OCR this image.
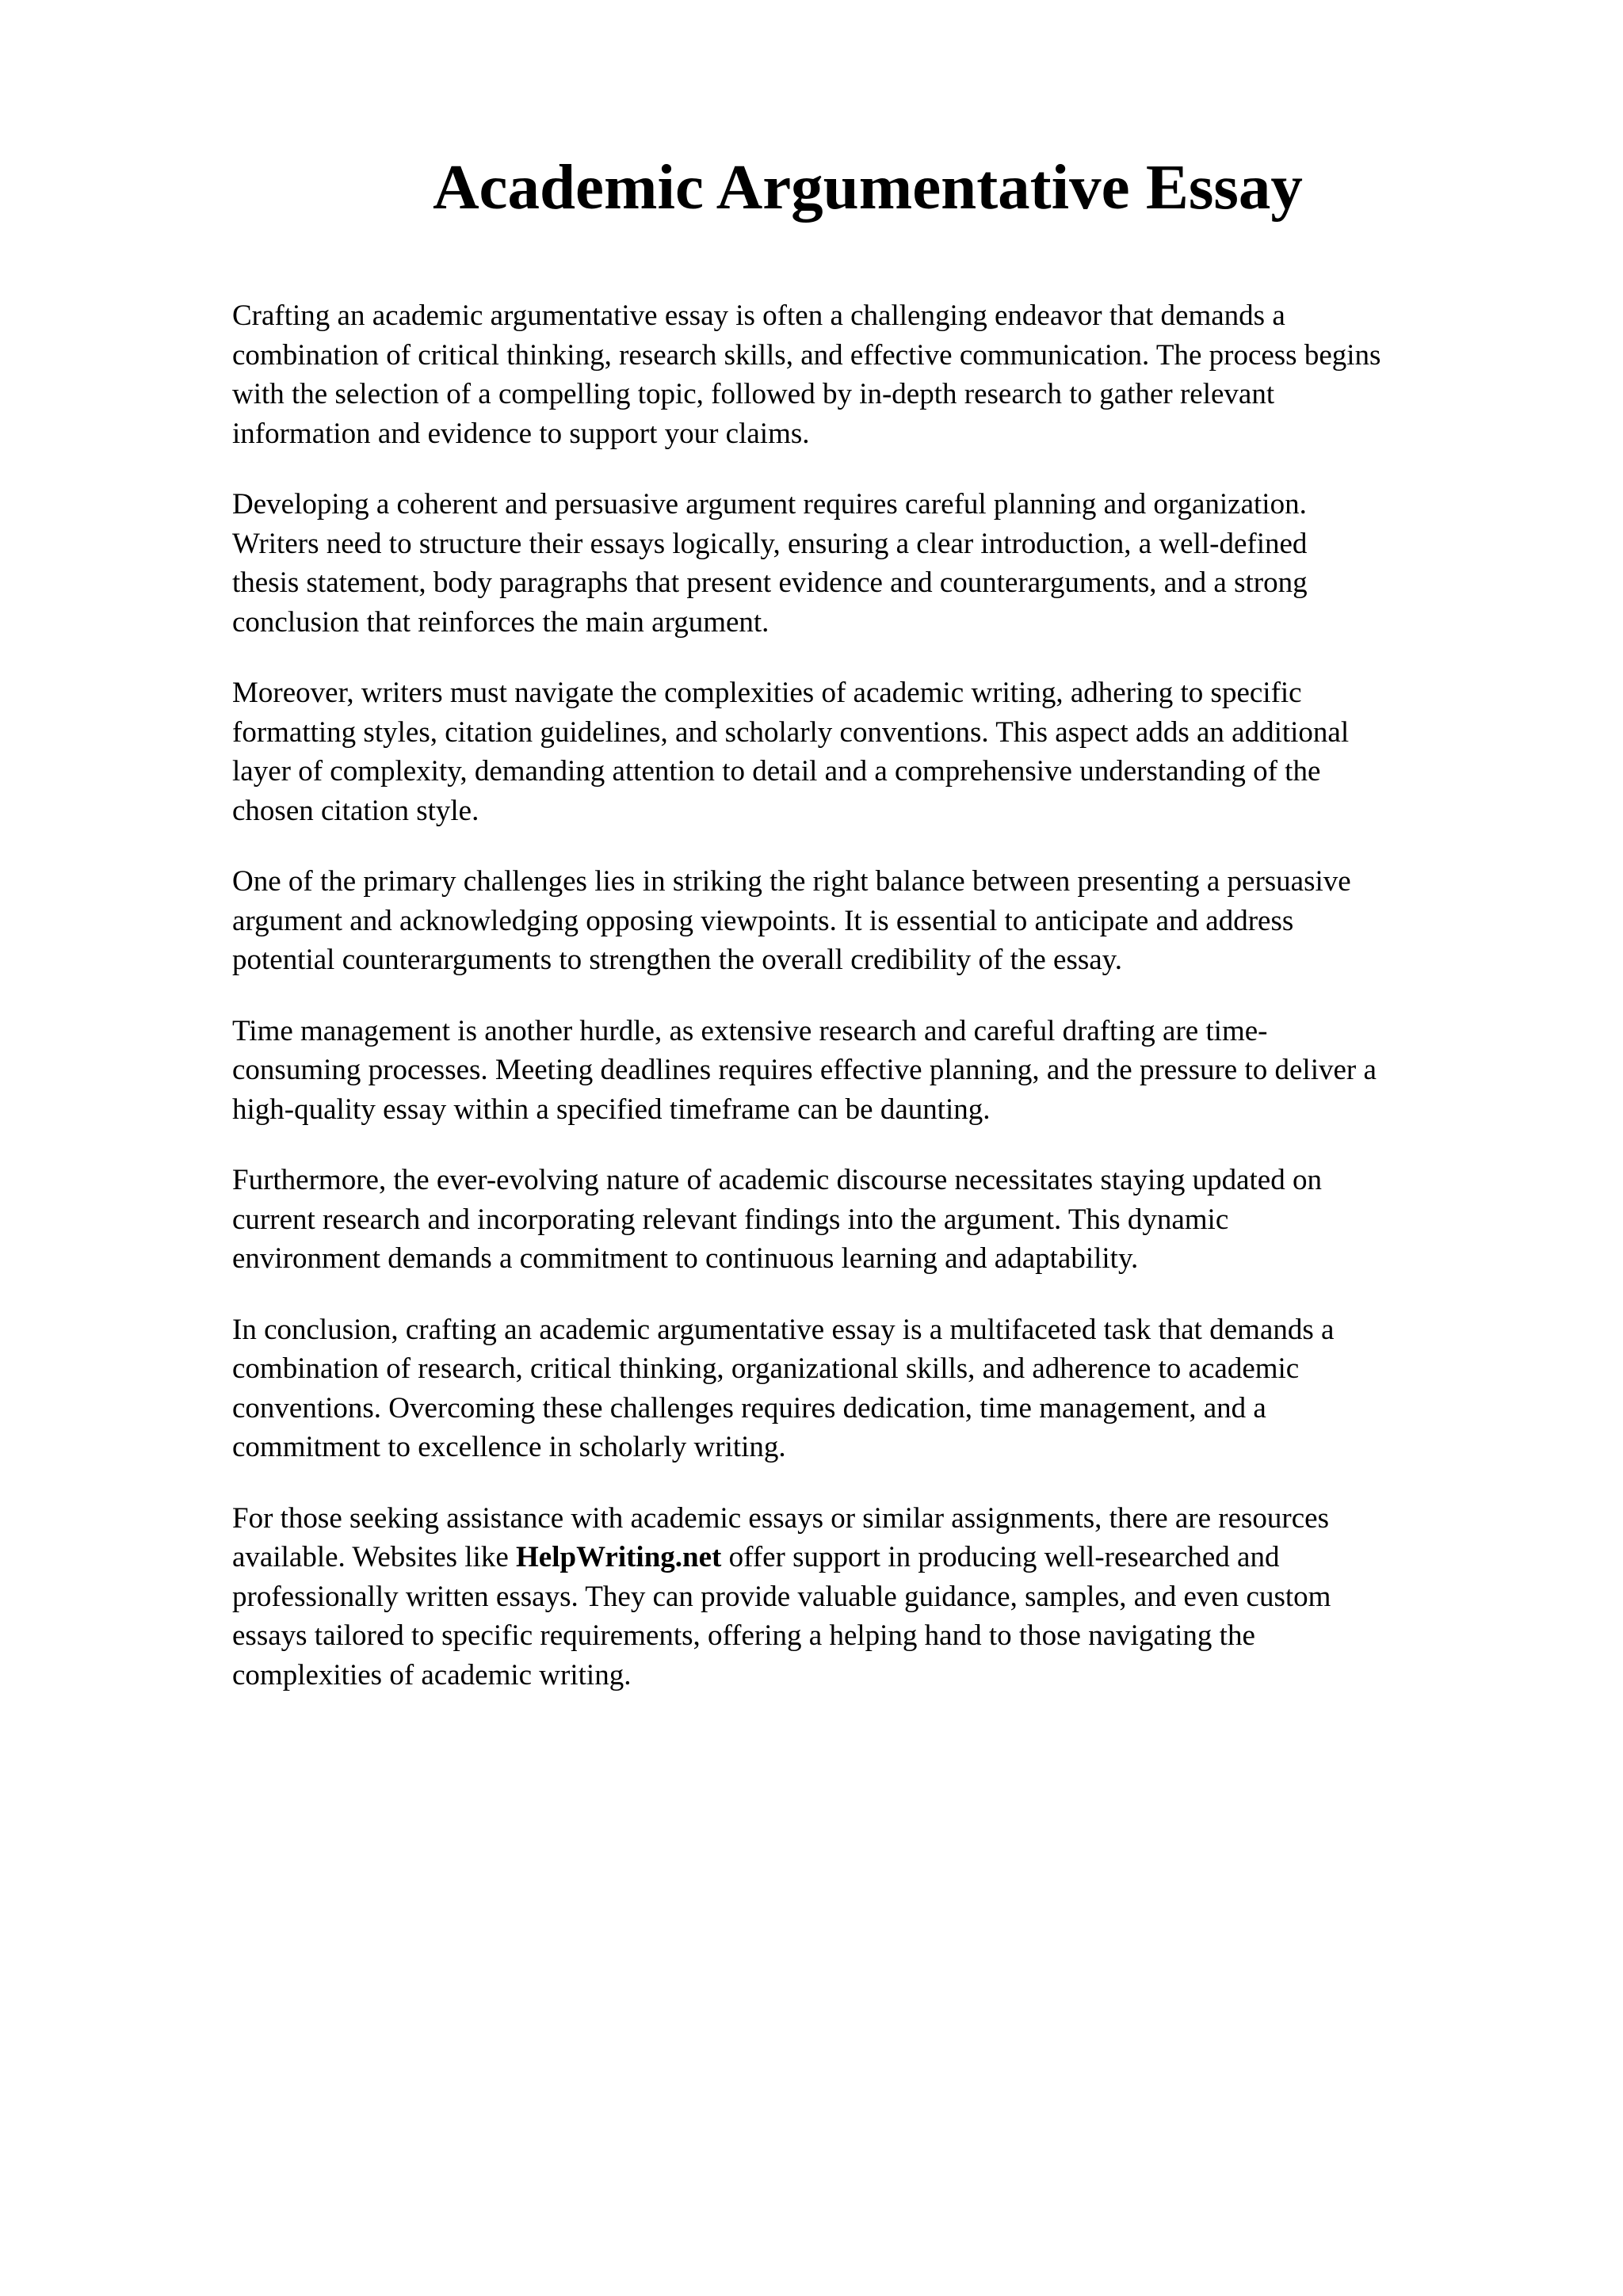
Academic Argumentative Essay

Crafting an academic argumentative essay is often a challenging endeavor that demands a
combination of critical thinking, research skills, and effective communication. The process begins
with the selection of a compelling topic, followed by in-depth research to gather relevant
information and evidence to support your claims.

Developing a coherent and persuasive argument requires careful planning and organization.
Writers need to structure their essays logically, ensuring a clear introduction, a well-defined
thesis statement, body paragraphs that present evidence and counterarguments, and a strong
conclusion that reinforces the main argument.

Moreover, writers must navigate the complexities of academic writing, adhering to specific
formatting styles, citation guidelines, and scholarly conventions. This aspect adds an additional
layer of complexity, demanding attention to detail and a comprehensive understanding of the
chosen citation style.

One of the primary challenges lies in striking the right balance between presenting a persuasive
argument and acknowledging opposing viewpoints. It is essential to anticipate and address
potential counterarguments to strengthen the overall credibility of the essay.

Time management is another hurdle, as extensive research and careful drafting are time-
consuming processes. Meeting deadlines requires effective planning, and the pressure to deliver a
high-quality essay within a specified timeframe can be daunting.

Furthermore, the ever-evolving nature of academic discourse necessitates staying updated on
current research and incorporating relevant findings into the argument. This dynamic
environment demands a commitment to continuous learning and adaptability.

In conclusion, crafting an academic argumentative essay is a multifaceted task that demands a
combination of research, critical thinking, organizational skills, and adherence to academic
conventions. Overcoming these challenges requires dedication, time management, and a
commitment to excellence in scholarly writing.

For those seeking assistance with academic essays or similar assignments, there are resources
available. Websites like HelpWriting.net offer support in producing well-researched and
professionally written essays. They can provide valuable guidance, samples, and even custom
essays tailored to specific requirements, offering a helping hand to those navigating the
complexities of academic writing.
